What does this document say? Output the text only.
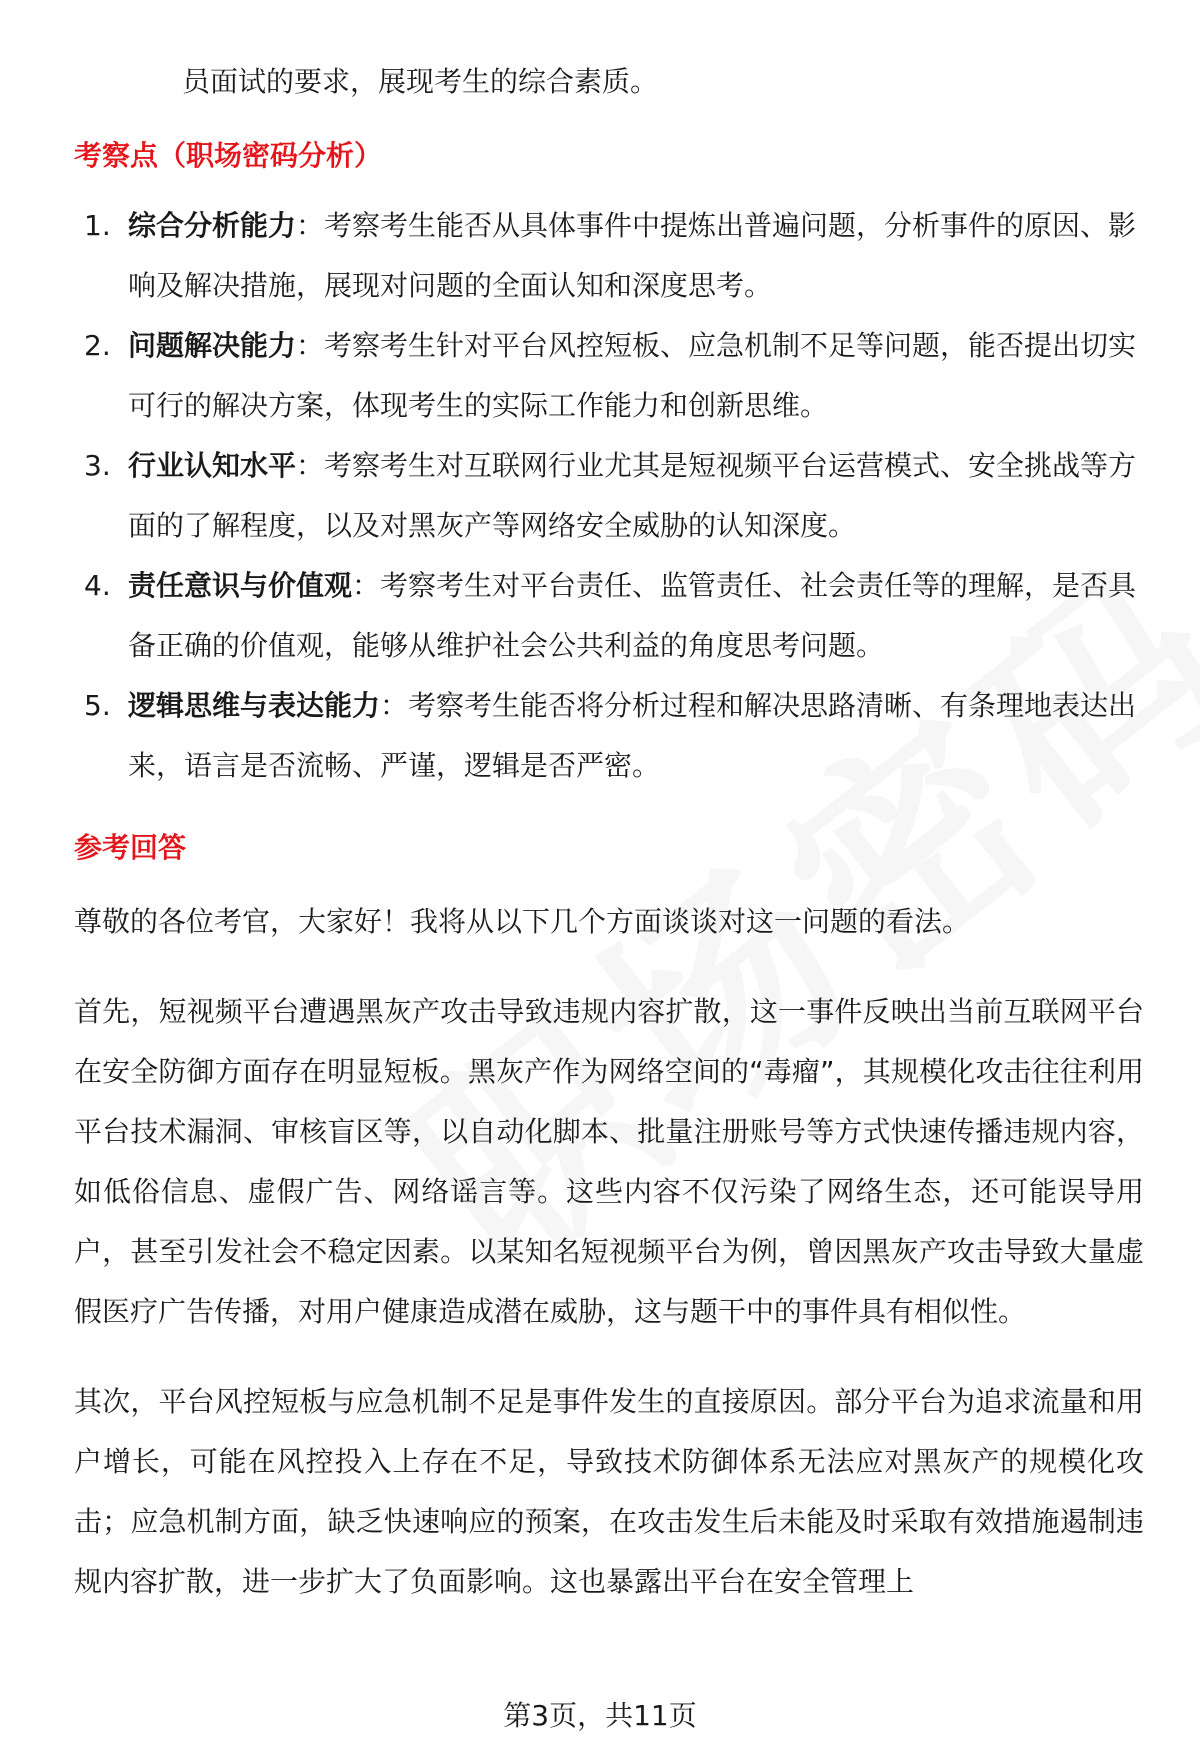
员面试的要求，展现考生的综合素质。

考察点（职场密码分析）
1. 综合分析能力：考察考生能否从具体事件中提炼出普遍问题，分析事件的原因、影响及解决措施，展现对问题的全面认知和深度思考。
2. 问题解决能力：考察考生针对平台风控短板、应急机制不足等问题，能否提出切实可行的解决方案，体现考生的实际工作能力和创新思维。
3. 行业认知水平：考察考生对互联网行业尤其是短视频平台运营模式、安全挑战等方面的了解程度，以及对黑灰产等网络安全威胁的认知深度。
4. 责任意识与价值观：考察考生对平台责任、监管责任、社会责任等的理解，是否具备正确的价值观，能够从维护社会公共利益的角度思考问题。
5. 逻辑思维与表达能力：考察考生能否将分析过程和解决思路清晰、有条理地表达出来，语言是否流畅、严谨，逻辑是否严密。
参考回答

尊敬的各位考官，大家好！我将从以下几个方面谈谈对这一问题的看法。

首先，短视频平台遭遇黑灰产攻击导致违规内容扩散，这一事件反映出当前互联网平台在安全防御方面存在明显短板。黑灰产作为网络空间的“毒瘤”，其规模化攻击往往利用平台技术漏洞、审核盲区等，以自动化脚本、批量注册账号等方式快速传播违规内容，如低俗信息、虚假广告、网络谣言等。这些内容不仅污染了网络生态，还可能误导用户，甚至引发社会不稳定因素。以某知名短视频平台为例，曾因黑灰产攻击导致大量虚假医疗广告传播，对用户健康造成潜在威胁，这与题干中的事件具有相似性。

其次，平台风控短板与应急机制不足是事件发生的直接原因。部分平台为追求流量和用户增长，可能在风控投入上存在不足，导致技术防御体系无法应对黑灰产的规模化攻击；应急机制方面，缺乏快速响应的预案，在攻击发生后未能及时采取有效措施遏制违规内容扩散，进一步扩大了负面影响。这也暴露出平台在安全管理上

第3页，共11页
